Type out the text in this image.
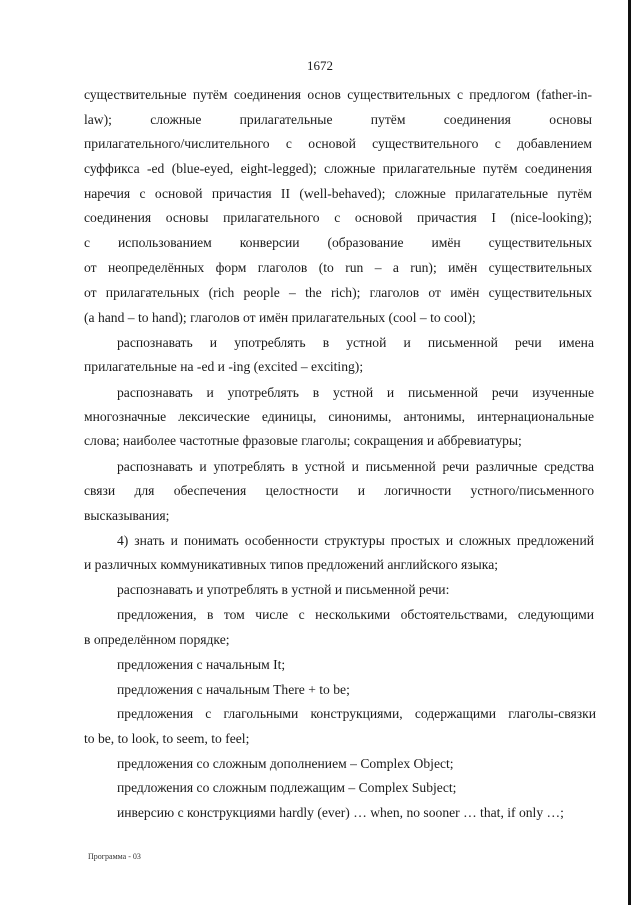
1672
существительные путём соединения основ существительных с предлогом (father-in-
law); сложные прилагательные путём соединения основы
прилагательного/числительного с основой существительного с добавлением
суффикса -ed (blue-eyed, eight-legged); сложные прилагательные путём соединения
наречия с основой причастия II (well-behaved); сложные прилагательные путём
соединения основы прилагательного с основой причастия I (nice-looking);
с использованием конверсии (образование имён существительных
от неопределённых форм глаголов (to run – a run); имён существительных
от прилагательных (rich people – the rich); глаголов от имён существительных
(a hand – to hand); глаголов от имён прилагательных (cool – to cool);
распознавать и употреблять в устной и письменной речи имена
прилагательные на -ed и -ing (excited – exciting);
распознавать и употреблять в устной и письменной речи изученные
многозначные лексические единицы, синонимы, антонимы, интернациональные
слова; наиболее частотные фразовые глаголы; сокращения и аббревиатуры;
распознавать и употреблять в устной и письменной речи различные средства
связи для обеспечения целостности и логичности устного/письменного
высказывания;
4) знать и понимать особенности структуры простых и сложных предложений
и различных коммуникативных типов предложений английского языка;
распознавать и употреблять в устной и письменной речи:
предложения, в том числе с несколькими обстоятельствами, следующими
в определённом порядке;
предложения с начальным It;
предложения с начальным There + to be;
предложения с глагольными конструкциями, содержащими глаголы-связки
to be, to look, to seem, to feel;
предложения со сложным дополнением – Complex Object;
предложения со сложным подлежащим – Complex Subject;
инверсию с конструкциями hardly (ever) … when, no sooner … that, if only …;
Программа - 03
